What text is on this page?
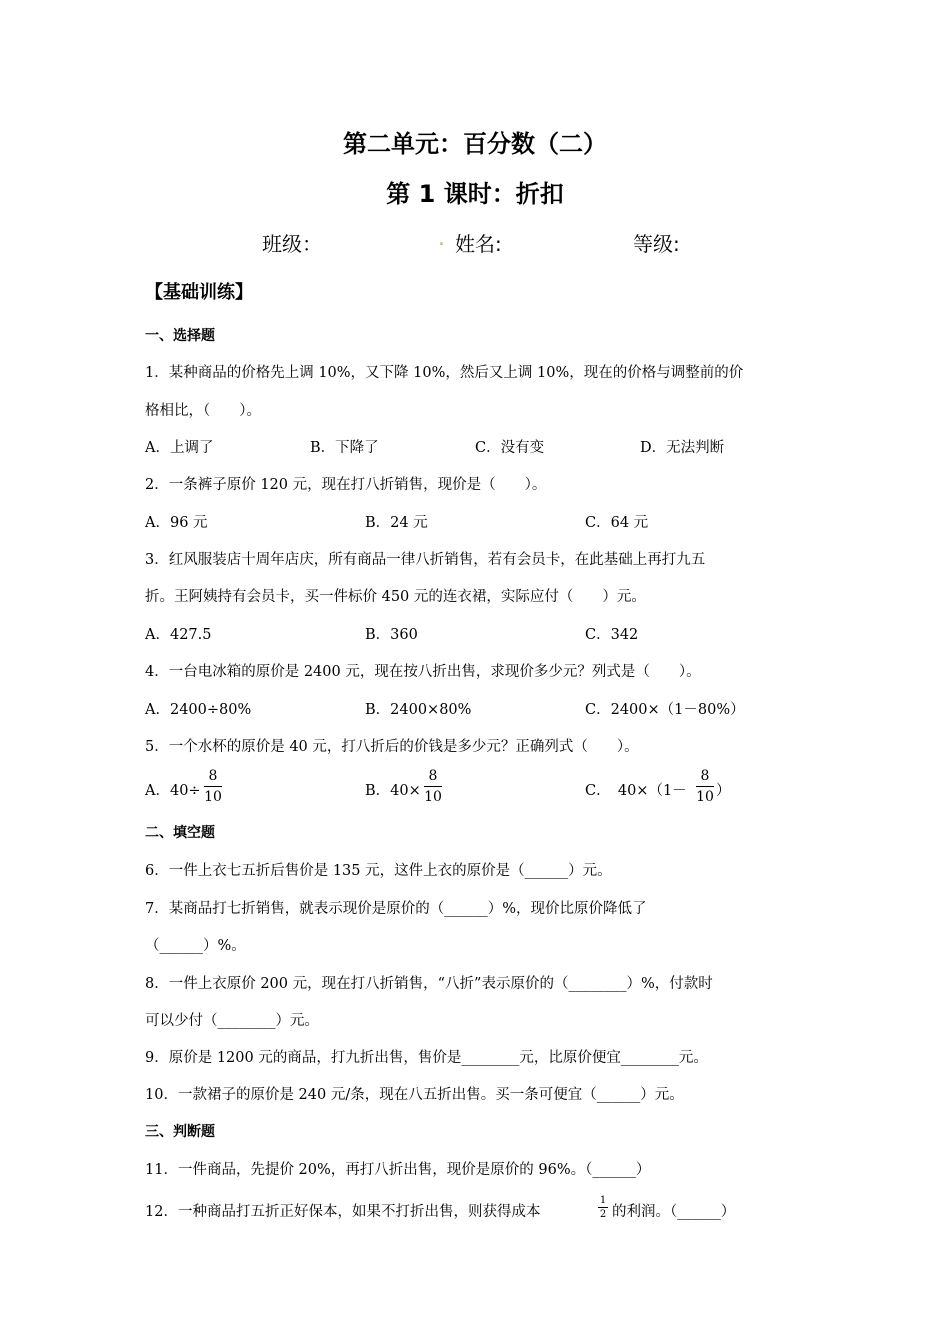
第二单元：百分数（二）
第 1 课时：折扣
班级：	. 姓名:	等级:
【基础训练】
一、选择题
1．某种商品的价格先上调 10%，又下降 10%，然后又上调 10%，现在的价格与调整前的价
格相比，（　　）。
A．上调了	B．下降了	C．没有变	D．无法判断
2．一条裤子原价 120 元，现在打八折销售，现价是（　　）。
A．96 元	B．24 元	C．64 元
3．红风服装店十周年店庆，所有商品一律八折销售，若有会员卡，在此基础上再打九五
折。王阿姨持有会员卡，买一件标价 450 元的连衣裙，实际应付（　　）元。
A．427.5	B．360	C．342
4．一台电冰箱的原价是 2400 元，现在按八折出售，求现价多少元？列式是（　　）。
A．2400÷80%	B．2400×80%	C．2400×（1－80%）
5．一个水杯的原价是 40 元，打八折后的价钱是多少元？正确列式（　　）。
A．40÷
8
10	B．40×
8
10	C．　40×（1－
8
10 ）
二、填空题
6．一件上衣七五折后售价是 135 元，这件上衣的原价是（______）元。
7．某商品打七折销售，就表示现价是原价的（______）%，现价比原价降低了
（______）%。
8．一件上衣原价 200 元，现在打八折销售，“八折”表示原价的（________）%，付款时
可以少付（________）元。
9．原价是 1200 元的商品，打九折出售，售价是________元，比原价便宜________元。
10．一款裙子的原价是 240 元/条，现在八五折出售。买一条可便宜（______）元。
三、判断题
11．一件商品，先提价 20%，再打八折出售，现价是原价的 96%。（______）
12．一种商品打五折正好保本，如果不打折出售，则获得成本
1
2 的利润。（______）
